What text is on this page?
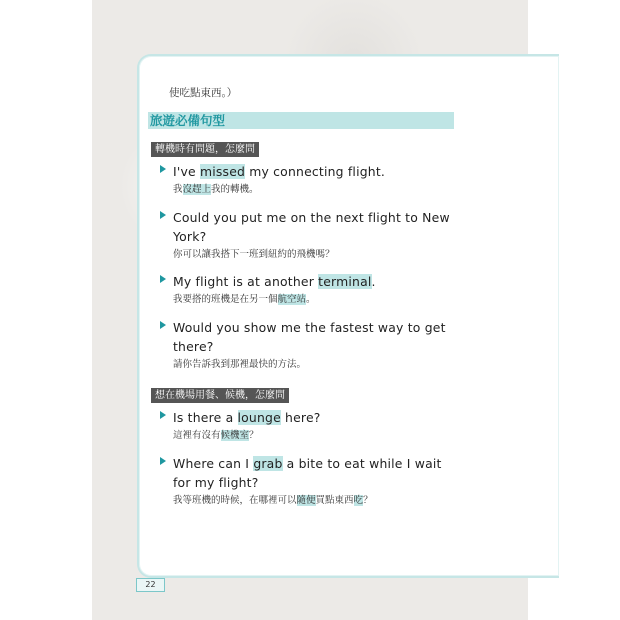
使吃點東西。）
旅遊必備句型
轉機時有問題，怎麼問
I've missed my connecting flight.
我沒趕上我的轉機。
Could you put me on the next flight to New York?
你可以讓我搭下一班到紐約的飛機嗎？
My flight is at another terminal.
我要搭的班機是在另一個航空站。
Would you show me the fastest way to get there?
請你告訴我到那裡最快的方法。
想在機場用餐、候機，怎麼問
Is there a lounge here?
這裡有沒有候機室？
Where can I grab a bite to eat while I wait for my flight?
我等班機的時候，在哪裡可以隨便買點東西吃？
22
